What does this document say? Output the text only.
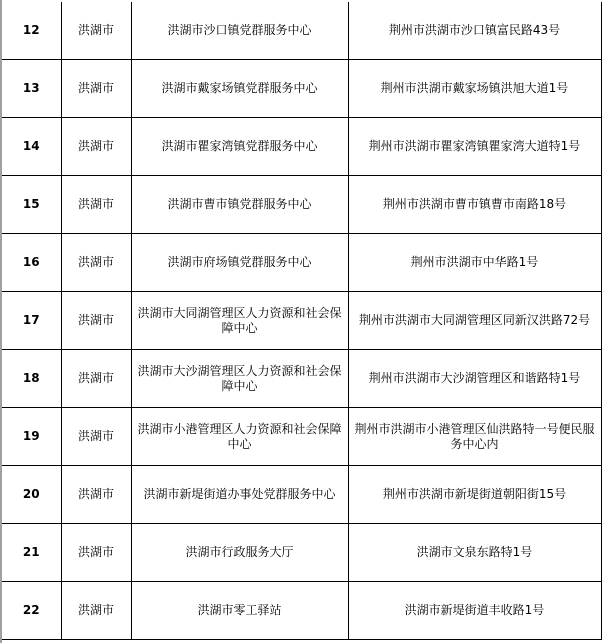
12	洪湖市	洪湖市沙口镇党群服务中心	荆州市洪湖市沙口镇富民路43号
13	洪湖市	洪湖市戴家场镇党群服务中心	荆州市洪湖市戴家场镇洪旭大道1号
14	洪湖市	洪湖市瞿家湾镇党群服务中心	荆州市洪湖市瞿家湾镇瞿家湾大道特1号
15	洪湖市	洪湖市曹市镇党群服务中心	荆州市洪湖市曹市镇曹市南路18号
16	洪湖市	洪湖市府场镇党群服务中心	荆州市洪湖市中华路1号
17	洪湖市	洪湖市大同湖管理区人力资源和社会保障中心	荆州市洪湖市大同湖管理区同新汉洪路72号
18	洪湖市	洪湖市大沙湖管理区人力资源和社会保障中心	荆州市洪湖市大沙湖管理区和谐路特1号
19	洪湖市	洪湖市小港管理区人力资源和社会保障中心	荆州市洪湖市小港管理区仙洪路特一号便民服务中心内
20	洪湖市	洪湖市新堤街道办事处党群服务中心	荆州市洪湖市新堤街道朝阳街15号
21	洪湖市	洪湖市行政服务大厅	洪湖市文泉东路特1号
22	洪湖市	洪湖市零工驿站	洪湖市新堤街道丰收路1号
